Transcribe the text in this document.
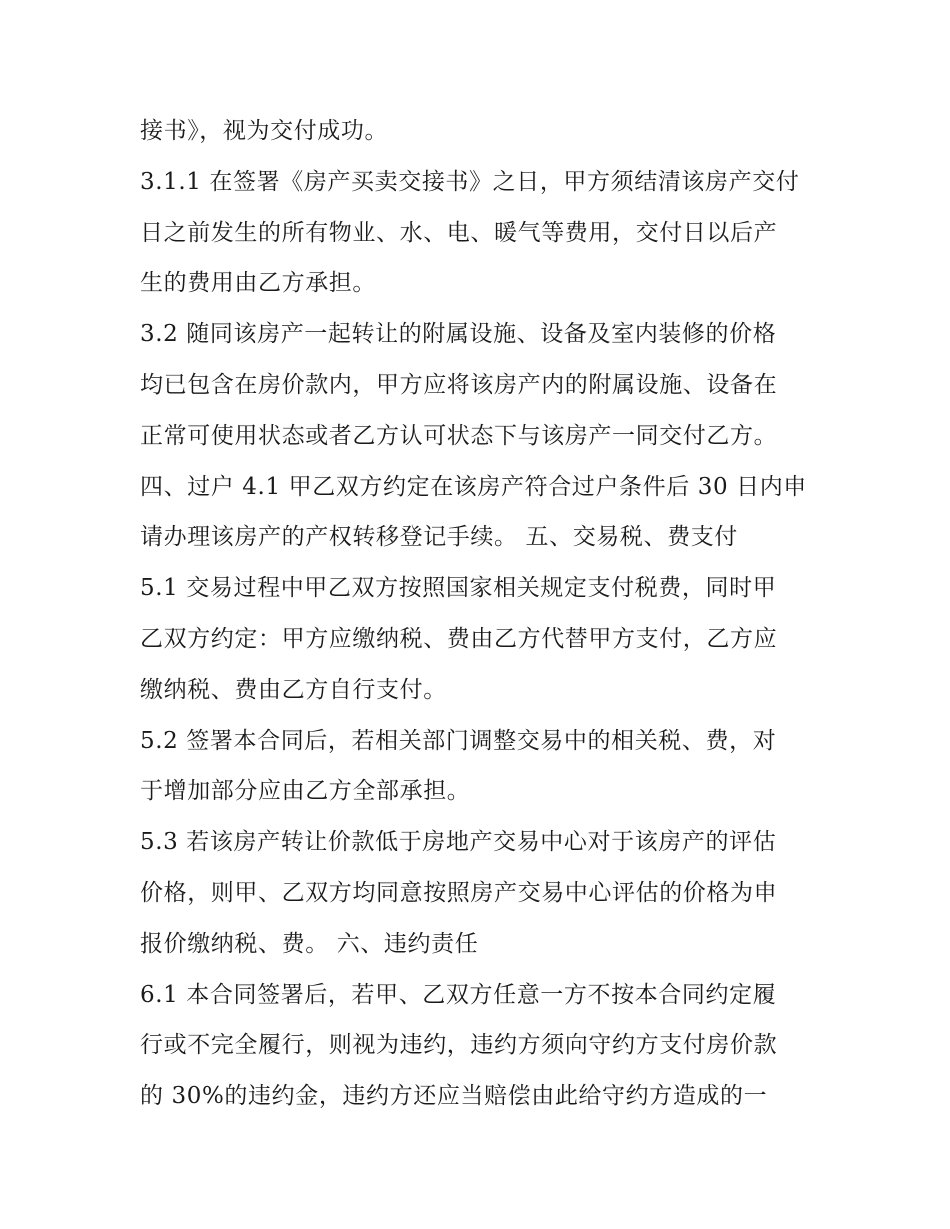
接书》，视为交付成功。
3.1.1 在签署《房产买卖交接书》之日，甲方须结清该房产交付
日之前发生的所有物业、水、电、暖气等费用，交付日以后产
生的费用由乙方承担。
3.2 随同该房产一起转让的附属设施、设备及室内装修的价格
均已包含在房价款内，甲方应将该房产内的附属设施、设备在
正常可使用状态或者乙方认可状态下与该房产一同交付乙方。
四、过户 4.1 甲乙双方约定在该房产符合过户条件后 30 日内申
请办理该房产的产权转移登记手续。 五、交易税、费支付
5.1 交易过程中甲乙双方按照国家相关规定支付税费，同时甲
乙双方约定：甲方应缴纳税、费由乙方代替甲方支付，乙方应
缴纳税、费由乙方自行支付。
5.2 签署本合同后，若相关部门调整交易中的相关税、费，对
于增加部分应由乙方全部承担。
5.3 若该房产转让价款低于房地产交易中心对于该房产的评估
价格，则甲、乙双方均同意按照房产交易中心评估的价格为申
报价缴纳税、费。 六、违约责任
6.1 本合同签署后，若甲、乙双方任意一方不按本合同约定履
行或不完全履行，则视为违约，违约方须向守约方支付房价款
的 30%的违约金，违约方还应当赔偿由此给守约方造成的一
